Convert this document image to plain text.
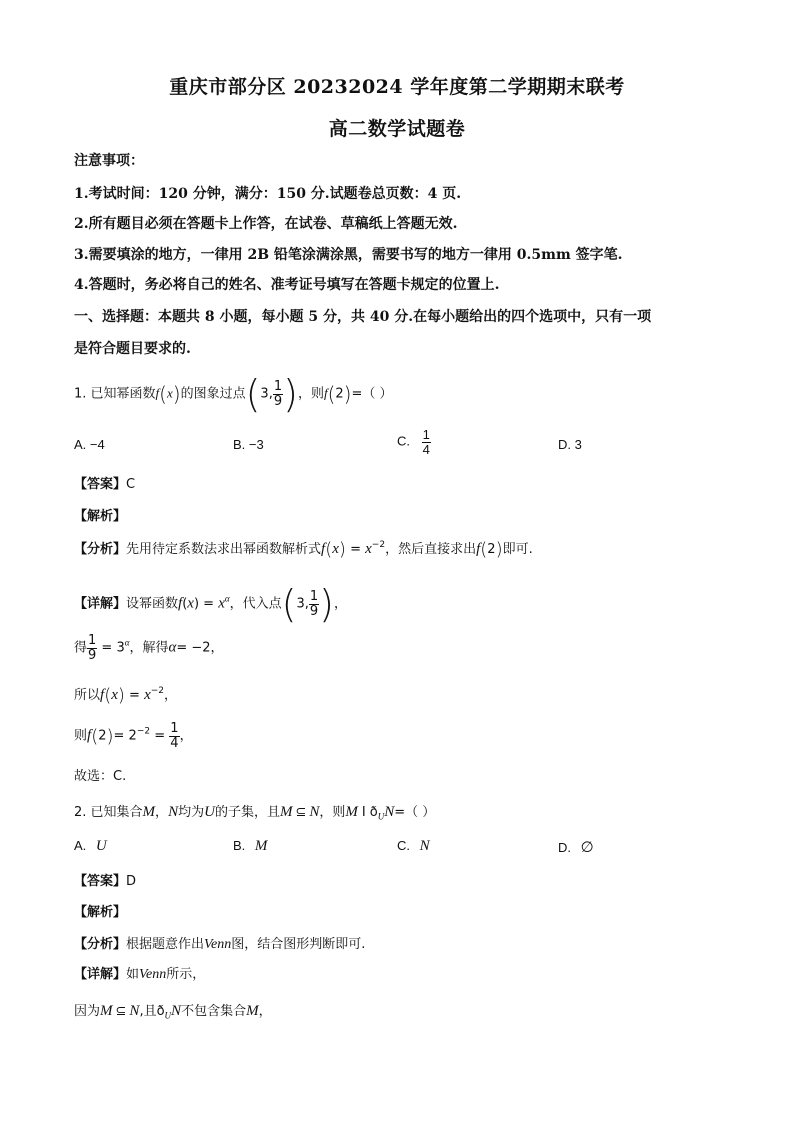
重庆市部分区 20232024 学年度第二学期期末联考
高二数学试题卷
注意事项：
1.考试时间：120 分钟，满分：150 分.试题卷总页数：4 页.
2.所有题目必须在答题卡上作答，在试卷、草稿纸上答题无效.
3.需要填涂的地方，一律用 2B 铅笔涂满涂黑，需要书写的地方一律用 0.5mm 签字笔.
4.答题时，务必将自己的姓名、准考证号填写在答题卡规定的位置上.
一、选择题：本题共 8 小题，每小题 5 分，共 40 分.在每小题给出的四个选项中，只有一项
是符合题目要求的.
1. 已知幂函数f(x)的图象过点(3, $\frac{1}{9}$ )，则f(2)=（ ）
A. −4	B. −3	C. $\frac{1}{4}$	D. 3
【答案】C
【解析】
【分析】先用待定系数法求出幂函数解析式$f(x) = x^{-2}$，然后直接求出f(2)即可.
【详解】设幂函数$f(x) = x^\alpha$，代入点(3, $\frac{1}{9}$ )，
得 $\frac{1}{9} = 3^\alpha$，解得α= −2，
所以$f(x) = x^{-2}$，
则$f(2)= 2^{-2} = \frac{1}{4}$ ，
故选：C.
2. 已知集合M，N均为U的子集，且M ⊆ N，则M I $ð_UN=$（ ）
A. U	B. M	C. N	D. ∅
【答案】D
【解析】
【分析】根据题意作出Venn图，结合图形判断即可.
【详解】如Venn所示，
因为M ⊆ N,且$ð_UN$不包含集合M，
